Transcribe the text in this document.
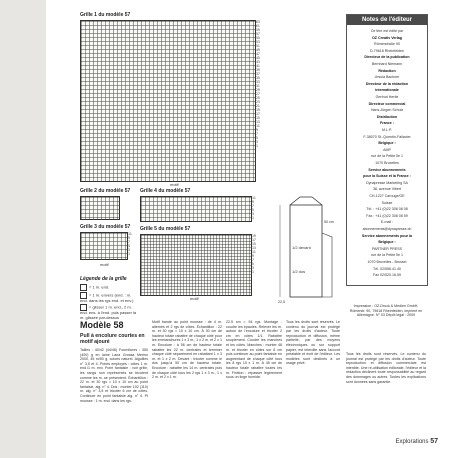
Grille 1 du modèle 57
63
61
59
57
55
53
51
49
47
45
43
41
39
37
35
33
31
29
27
25
23
21
19
17
15
13
11
9
7
5
3
1
motif
Grille 2 du modèle 57
Grille 3 du modèle 57
11
9
7
5
3
1
motif
Grille 4 du modèle 57
11
9
7
5
3
1
Grille 5 du modèle 57
19
17
15
13
11
9
7
5
3
1
motif
Légende de la grille
= 1 m. end.
= 1 m. envers (end. : m. end. dans les rgs end. et env.)
= glisser 1 m. end., 2 m. end. ens. à l'end. puis passer la m. glissée par-dessus
1/2 devant
1/2 dos
22,5
50 cm
Modèle 58
Pull à encolure courtes en motif ajouré
Tailles : 40/42 (44/46) Fournitures : 350 (400) g en laine Lana Grossa Merino 2000, 45 m/50 g, coloris naturel. Aiguilles n° 3,5 et 4. Points employés : côtes 1 m. end./1 m. env. Point fantaisie : voir grille, les rangs non représentés se tricotent comme les m. se présentent. Échantillon : 22 m. et 30 rgs = 10 x 10 cm au point fantaisie, aig. n° 4. Dos : monter 102 (110) m. aig. n° 3,5 et tricoter 6 cm de côtes. Continuer en point fantaisie aig. n° 4. Pt mousse : 1 m. end. dans les rgs.
Motif bande au point mousse : de 4 m. alternés et 2 rgs de côtes. Échantillon : 22 m. et 30 rgs = 10 x 10 cm. À 30 cm de hauteur totale rabattre de chaque côté pour les emmanchures 1 x 3 m., 1 x 2 m. et 2 x 1 m. Encolure : à 56 cm de hauteur totale rabattre les 22 m. centrales et terminer chaque côté séparément en rabattant 1 x 3 m. et 1 x 2 m. Devant : tricoter comme le dos jusqu'à 50 cm de hauteur totale. Encolure : rabattre les 14 m. centrales puis de chaque côté tous les 2 rgs 1 x 3 m., 1 x 2 m. et 2 x 1 m.
22,5 cm = 54 rgs. Montage : coudre les épaules. Relever les m. autour de l'encolure et tricoter 2 cm en côtes 1/1. Rabattre souplement. Coudre les manches et les côtés. Manches : monter 48 m. et tricoter en côtes sur 6 cm puis continuer au point fantaisie en augmentant de chaque côté tous les 8 rgs 10 x 1 m. À 45 cm de hauteur totale rabattre toutes les m. Finition : repasser légèrement sous un linge humide.
Tous les droits sont réservés. Le contenu du journal est protégé par les droits d'auteur. Toute reproduction et diffusion, même partielle, par des moyens électroniques ou sur support papier, est interdite sans l'accord préalable et écrit de l'éditeur. Les modèles sont destinés à un usage privé.
Notes de l'éditeur
Ce titre est édité par
OZ Creativ Verlag
Römerstraße 90
D-79618 Rheinfelden
Directeur de la publication
Bernhard Niemann
Rédaction
Ursula Bachner
Directeur de la rédaction
internationale
Gertrud Hertle
Directeur commercial
Hans-Jürgen Schulz
Distribution
France :
M.L.P.
F-38070 St.-Quentin-Fallavier
Belgique :
AMP
rue de la Petite Île 1
1070 Bruxelles
Service abonnements
pour la Suisse et la France :
Dynapresse Marketing SA
38, avenue Vibert
CH-1227 Carouge/GE
Suisse
Tél. : +41 (0)22 308 08 08
Fax : +41 (0)22 308 08 59
E-mail :
abonnements@dynapresse.ch
Service abonnements pour la
Belgique :
PARTNER PRESS
rue de la Petite Île 1
1070 Bruxelles - Brussel
Tél. 02/556.41.40
Fax 02/520.16.59
Impression : OZ-Druck & Medien GmbH, Römerstr. 90, 79618 Rheinfelden, imprimé en Allemagne. N° 03 Dépôt légal : 2009
Tous les droits sont réservés. Le contenu du journal est protégé par les droits d'auteur. Toute reproduction et diffusion commerciale est interdite. Une ré-utilisation éditoriale, l'éditeur et la rédaction déclinent toute responsabilité au regard des dommages ou autres. Toutes les explications sont données sans garantie.
Explorations 57
